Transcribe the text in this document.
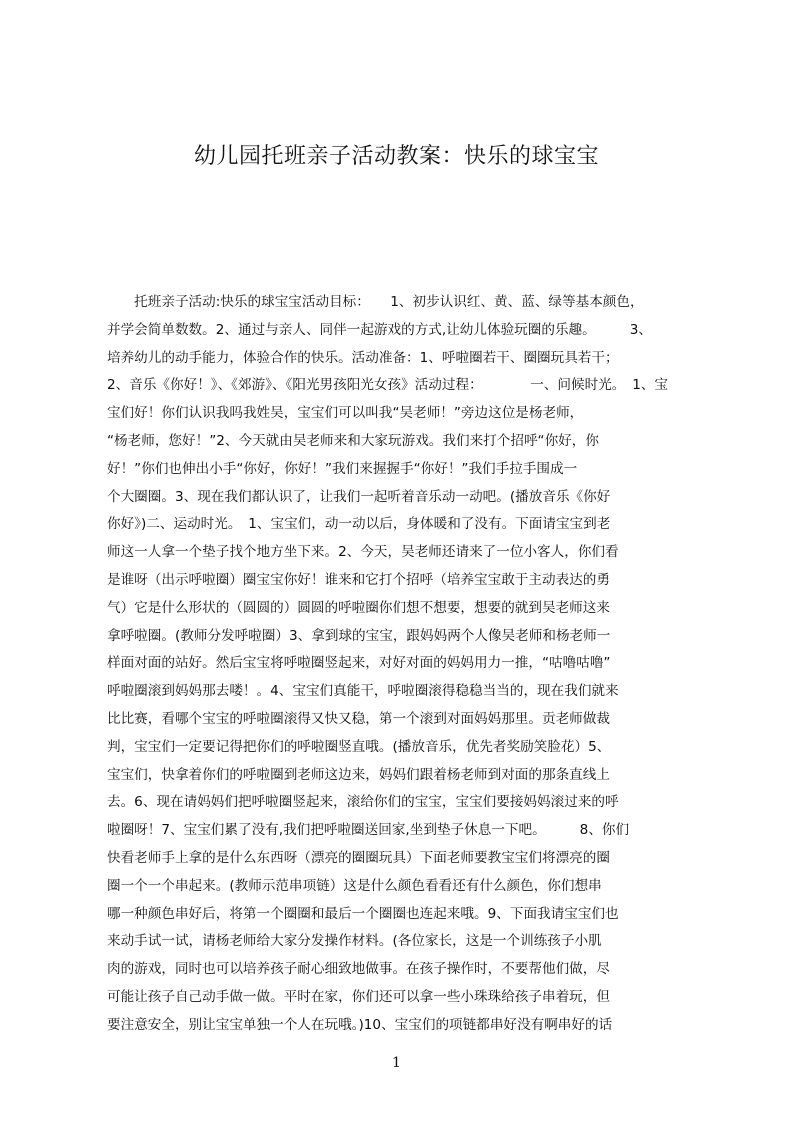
幼儿园托班亲子活动教案：快乐的球宝宝
　　托班亲子活动:快乐的球宝宝活动目标：　　1、初步认识红、黄、蓝、绿等基本颜色，
并学会简单数数。2、通过与亲人、同伴一起游戏的方式,让幼儿体验玩圈的乐趣。　　　3、
培养幼儿的动手能力，体验合作的快乐。活动准备：1、呼啦圈若干、圈圈玩具若干；
2、音乐《你好！》、《郊游》、《阳光男孩阳光女孩》活动过程：　　　　一、问候时光。　1、宝
宝们好！你们认识我吗我姓吴，宝宝们可以叫我“吴老师！”旁边这位是杨老师，
“杨老师，您好！”2、今天就由吴老师来和大家玩游戏。我们来打个招呼“你好，你
好！”你们也伸出小手“你好，你好！”我们来握握手“你好！”我们手拉手围成一
个大圈圈。3、现在我们都认识了，让我们一起听着音乐动一动吧。(播放音乐《你好
你好》)二、运动时光。　1、宝宝们，动一动以后，身体暖和了没有。下面请宝宝到老
师这一人拿一个垫子找个地方坐下来。2、今天，吴老师还请来了一位小客人，你们看
是谁呀（出示呼啦圈）圈宝宝你好！谁来和它打个招呼（培养宝宝敢于主动表达的勇
气）它是什么形状的（圆圆的）圆圆的呼啦圈你们想不想要，想要的就到吴老师这来
拿呼啦圈。(教师分发呼啦圈）3、拿到球的宝宝，跟妈妈两个人像吴老师和杨老师一
样面对面的站好。然后宝宝将呼啦圈竖起来，对好对面的妈妈用力一推，“咕噜咕噜”
呼啦圈滚到妈妈那去喽！。4、宝宝们真能干，呼啦圈滚得稳稳当当的，现在我们就来
比比赛，看哪个宝宝的呼啦圈滚得又快又稳，第一个滚到对面妈妈那里。贡老师做裁
判，宝宝们一定要记得把你们的呼啦圈竖直哦。(播放音乐，优先者奖励笑脸花）5、
宝宝们，快拿着你们的呼啦圈到老师这边来，妈妈们跟着杨老师到对面的那条直线上
去。6、现在请妈妈们把呼啦圈竖起来，滚给你们的宝宝，宝宝们要接妈妈滚过来的呼
啦圈呀！7、宝宝们累了没有,我们把呼啦圈送回家,坐到垫子休息一下吧。　　　8、你们
快看老师手上拿的是什么东西呀（漂亮的圈圈玩具）下面老师要教宝宝们将漂亮的圈
圈一个一个串起来。(教师示范串项链）这是什么颜色看看还有什么颜色，你们想串
哪一种颜色串好后，将第一个圈圈和最后一个圈圈也连起来哦。9、下面我请宝宝们也
来动手试一试，请杨老师给大家分发操作材料。(各位家长，这是一个训练孩子小肌
肉的游戏，同时也可以培养孩子耐心细致地做事。在孩子操作时，不要帮他们做，尽
可能让孩子自己动手做一做。平时在家，你们还可以拿一些小珠珠给孩子串着玩，但
要注意安全，别让宝宝单独一个人在玩哦。)10、宝宝们的项链都串好没有啊串好的话
1
